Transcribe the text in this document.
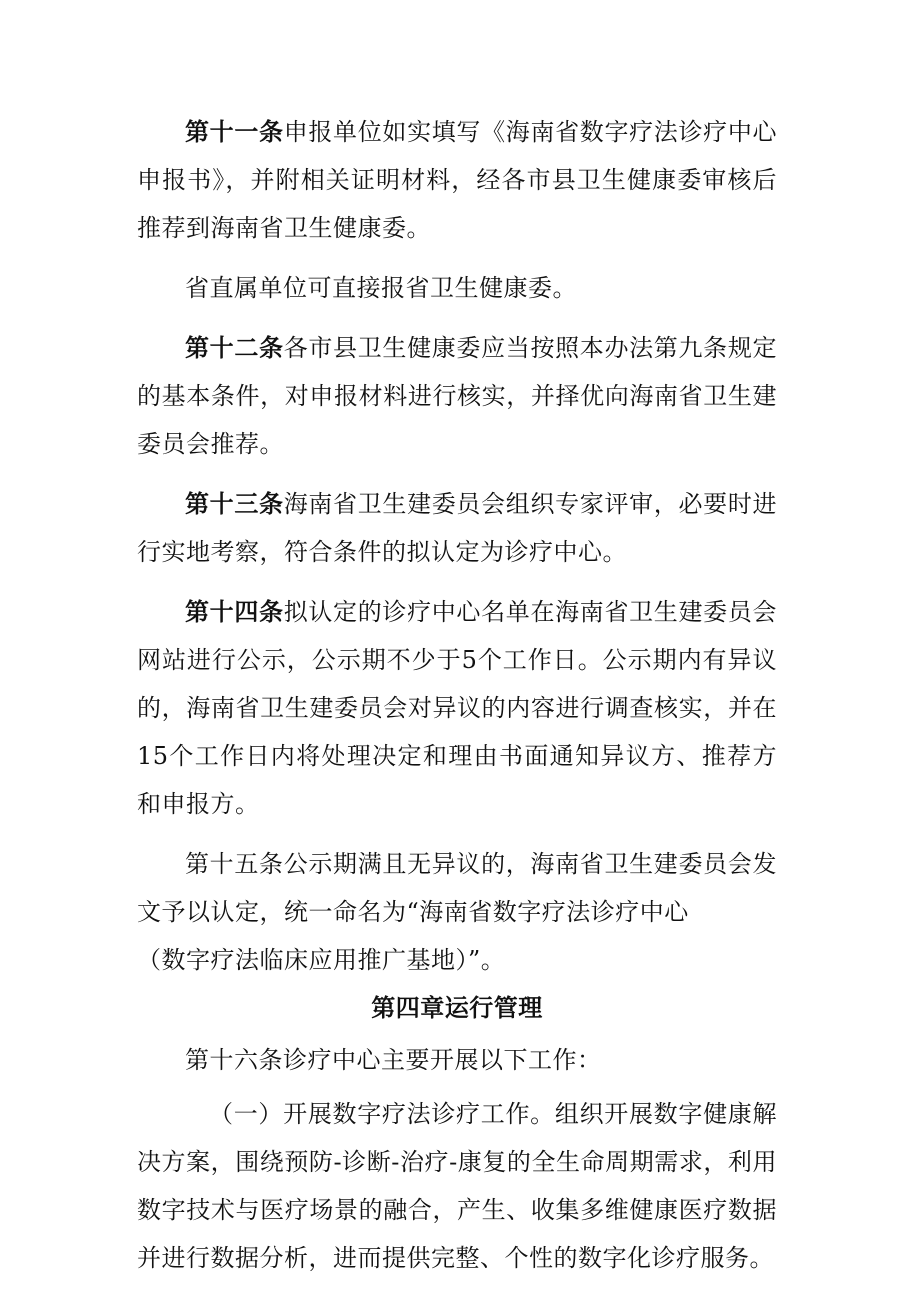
第十一条申报单位如实填写《海南省数字疗法诊疗中心申报书》，并附相关证明材料，经各市县卫生健康委审核后推荐到海南省卫生健康委。

省直属单位可直接报省卫生健康委。

第十二条各市县卫生健康委应当按照本办法第九条规定的基本条件，对申报材料进行核实，并择优向海南省卫生建委员会推荐。

第十三条海南省卫生建委员会组织专家评审，必要时进行实地考察，符合条件的拟认定为诊疗中心。

第十四条拟认定的诊疗中心名单在海南省卫生建委员会网站进行公示，公示期不少于5个工作日。公示期内有异议的，海南省卫生建委员会对异议的内容进行调查核实，并在15个工作日内将处理决定和理由书面通知异议方、推荐方和申报方。

第十五条公示期满且无异议的，海南省卫生建委员会发文予以认定，统一命名为“海南省数字疗法诊疗中心

（数字疗法临床应用推广基地）”。

第四章运行管理

第十六条诊疗中心主要开展以下工作：

（一）开展数字疗法诊疗工作。组织开展数字健康解决方案，围绕预防-诊断-治疗-康复的全生命周期需求，利用数字技术与医疗场景的融合，产生、收集多维健康医疗数据并进行数据分析，进而提供完整、个性的数字化诊疗服务。
